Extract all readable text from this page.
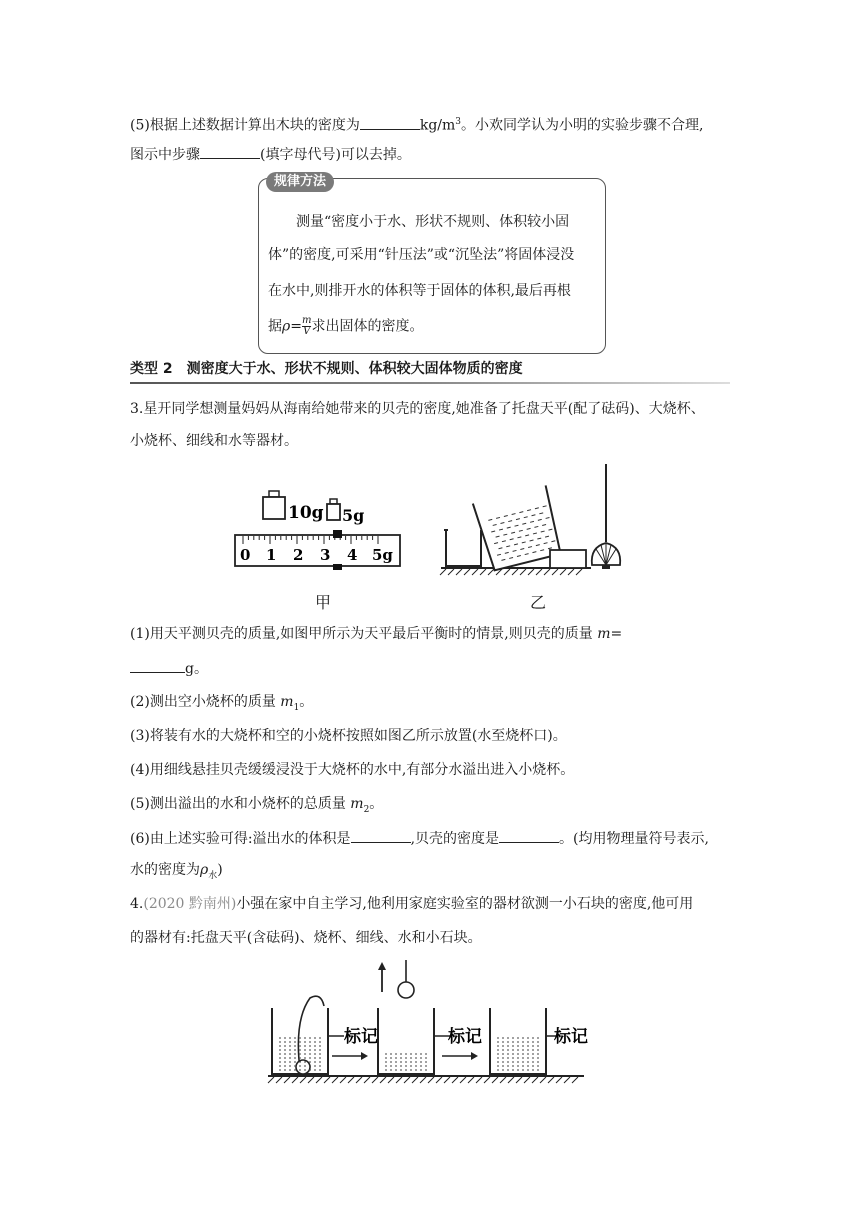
(5)根据上述数据计算出木块的密度为	$kg/m^3$。小欢同学认为小明的实验步骤不合理,
图示中步骤	(填字母代号)可以去掉。
规律方法
测量“密度小于水、形状不规则、体积较小固
体”的密度,可采用“针压法”或“沉坠法”将固体浸没
在水中,则排开水的体积等于固体的体积,最后再根
据$\rho= \frac{m}{V}$ 求出固体的密度。
类型 2　测密度大于水、形状不规则、体积较大固体物质的密度
3.星开同学想测量妈妈从海南给她带来的贝壳的密度,她准备了托盘天平(配了砝码)、大烧杯、
小烧杯、细线和水等器材。
10g 5g
0 1 2 3 4 5g
甲	乙
(1)用天平测贝壳的质量,如图甲所示为天平最后平衡时的情景,则贝壳的质量 m=
g。
(2)测出空小烧杯的质量 $m_1$。
(3)将装有水的大烧杯和空的小烧杯按照如图乙所示放置(水至烧杯口)。
(4)用细线悬挂贝壳缓缓浸没于大烧杯的水中,有部分水溢出进入小烧杯。
(5)测出溢出的水和小烧杯的总质量 $m_2$。
(6)由上述实验可得:溢出水的体积是	,贝壳的密度是	。(均用物理量符号表示,
水的密度为$\rho_水$)
4.(2020 黔南州)小强在家中自主学习,他利用家庭实验室的器材欲测一小石块的密度,他可用
的器材有:托盘天平(含砝码)、烧杯、细线、水和小石块。
标记	标记	标记
